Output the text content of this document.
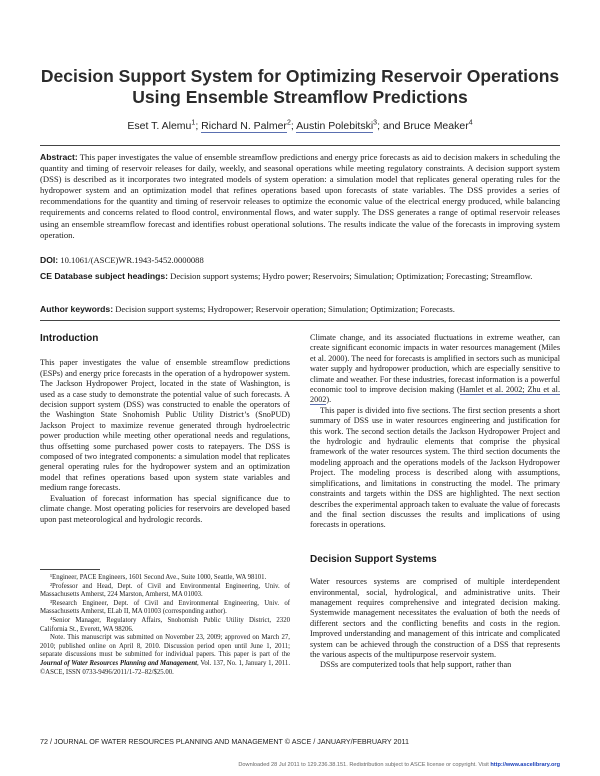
Decision Support System for Optimizing Reservoir Operations Using Ensemble Streamflow Predictions
Eset T. Alemu$^1$; Richard N. Palmer$^2$; Austin Polebitski$^3$; and Bruce Meaker$^4$
Abstract: This paper investigates the value of ensemble streamflow predictions and energy price forecasts as aid to decision makers in scheduling the quantity and timing of reservoir releases for daily, weekly, and seasonal operations while meeting regulatory constraints. A decision support system (DSS) is described as it incorporates two integrated models of system operation: a simulation model that replicates general operating rules for the hydropower system and an optimization model that refines operations based upon forecasts of state variables. The DSS provides a series of recommendations for the quantity and timing of reservoir releases to optimize the economic value of the electrical energy produced, while balancing requirements and concerns related to flood control, environmental flows, and water supply. The DSS generates a range of optimal reservoir releases using an ensemble streamflow forecast and identifies robust operational solutions. The results indicate the value of the forecasts in improving system operation.
DOI: 10.1061/(ASCE)WR.1943-5452.0000088
CE Database subject headings: Decision support systems; Hydro power; Reservoirs; Simulation; Optimization; Forecasting; Streamflow.
Author keywords: Decision support systems; Hydropower; Reservoir operation; Simulation; Optimization; Forecasts.

Introduction

This paper investigates the value of ensemble streamflow predictions (ESPs) and energy price forecasts in the operation of a hydropower system. The Jackson Hydropower Project, located in the state of Washington, is used as a case study to demonstrate the potential value of such forecasts. A decision support system (DSS) was constructed to enable the operators of the Washington State Snohomish Public Utility District’s (SnoPUD) Jackson Project to maximize revenue generated through hydroelectric power production while meeting other operational needs and regulations, thus offsetting some purchased power costs to ratepayers. The DSS is composed of two integrated components: a simulation model that replicates general operating rules for the hydropower system and an optimization model that refines operations based upon system state variables and medium range forecasts.

Evaluation of forecast information has special significance due to climate change. Most operating policies for reservoirs are developed based upon past meteorological and hydrologic records.

¹Engineer, PACE Engineers, 1601 Second Ave., Suite 1000, Seattle, WA 98101.

²Professor and Head, Dept. of Civil and Environmental Engineering, Univ. of Massachusetts Amherst, 224 Marston, Amherst, MA 01003.

³Research Engineer, Dept. of Civil and Environmental Engineering, Univ. of Massachusetts Amherst, ELab II, MA 01003 (corresponding author).

⁴Senior Manager, Regulatory Affairs, Snohomish Public Utility District, 2320 California St., Everett, WA 98206.

Note. This manuscript was submitted on November 23, 2009; approved on March 27, 2010; published online on April 8, 2010. Discussion period open until June 1, 2011; separate discussions must be submitted for individual papers. This paper is part of the Journal of Water Resources Planning and Management, Vol. 137, No. 1, January 1, 2011. ©ASCE, ISSN 0733-9496/2011/1-72–82/$25.00.

Climate change, and its associated fluctuations in extreme weather, can create significant economic impacts in water resources management (Miles et al. 2000). The need for forecasts is amplified in sectors such as municipal water supply and hydropower production, which are especially sensitive to climate and weather. For these industries, forecast information is a powerful economic tool to improve decision making (Hamlet et al. 2002; Zhu et al. 2002).

This paper is divided into five sections. The first section presents a short summary of DSS use in water resources engineering and justification for this work. The second section details the Jackson Hydropower Project and the hydrologic and hydraulic elements that comprise the physical framework of the water resources system. The third section documents the modeling approach and the operations models of the Jackson Hydropower Project. The modeling process is described along with assumptions, simplifications, and limitations in constructing the model. The primary constraints and targets within the DSS are highlighted. The next section describes the experimental approach taken to evaluate the value of forecasts and the final section discusses the results and implications of using forecasts in operations.

Decision Support Systems

Water resources systems are comprised of multiple interdependent environmental, social, hydrological, and administrative units. Their management requires comprehensive and integrated decision making. Systemwide management necessitates the evaluation of both the needs of different sectors and the conflicting benefits and costs in the region. Improved understanding and management of this intricate and complicated system can be achieved through the construction of a DSS that represents the various aspects of the multipurpose reservoir system.

DSSs are computerized tools that help support, rather than

72 / JOURNAL OF WATER RESOURCES PLANNING AND MANAGEMENT © ASCE / JANUARY/FEBRUARY 2011
Downloaded 28 Jul 2011 to 129.236.38.151. Redistribution subject to ASCE license or copyright. Visit http://www.ascelibrary.org
